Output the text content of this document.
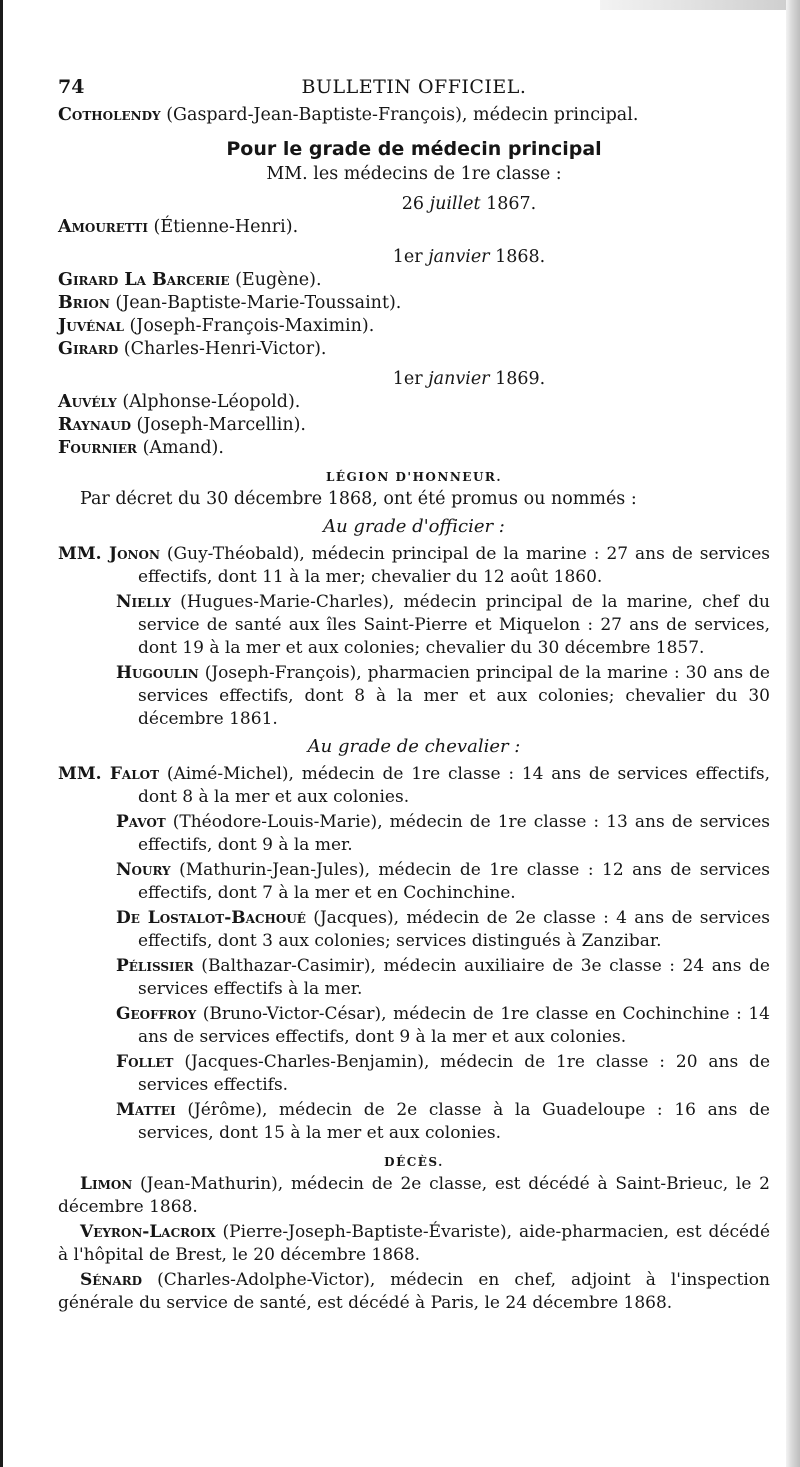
74	BULLETIN OFFICIEL.
Cotholendy (Gaspard-Jean-Baptiste-François), médecin principal.
Pour le grade de médecin principal
MM. les médecins de 1re classe :
26 juillet 1867.
Amouretti (Étienne-Henri).
1er janvier 1868.
Girard La Barcerie (Eugène).
Brion (Jean-Baptiste-Marie-Toussaint).
Juvénal (Joseph-François-Maximin).
Girard (Charles-Henri-Victor).
1er janvier 1869.
Auvély (Alphonse-Léopold).
Raynaud (Joseph-Marcellin).
Fournier (Amand).
LÉGION D'HONNEUR.
Par décret du 30 décembre 1868, ont été promus ou nommés :
Au grade d'officier :
MM. Jonon (Guy-Théobald), médecin principal de la marine : 27 ans de services effectifs, dont 11 à la mer; chevalier du 12 août 1860.
Nielly (Hugues-Marie-Charles), médecin principal de la marine, chef du service de santé aux îles Saint-Pierre et Miquelon : 27 ans de services, dont 19 à la mer et aux colonies; chevalier du 30 décembre 1857.
Hugoulin (Joseph-François), pharmacien principal de la marine : 30 ans de services effectifs, dont 8 à la mer et aux colonies; chevalier du 30 décembre 1861.
Au grade de chevalier :
MM. Falot (Aimé-Michel), médecin de 1re classe : 14 ans de services effectifs, dont 8 à la mer et aux colonies.
Pavot (Théodore-Louis-Marie), médecin de 1re classe : 13 ans de services effectifs, dont 9 à la mer.
Noury (Mathurin-Jean-Jules), médecin de 1re classe : 12 ans de services effectifs, dont 7 à la mer et en Cochinchine.
De Lostalot-Bachoué (Jacques), médecin de 2e classe : 4 ans de services effectifs, dont 3 aux colonies; services distingués à Zanzibar.
Pélissier (Balthazar-Casimir), médecin auxiliaire de 3e classe : 24 ans de services effectifs à la mer.
Geoffroy (Bruno-Victor-César), médecin de 1re classe en Cochinchine : 14 ans de services effectifs, dont 9 à la mer et aux colonies.
Follet (Jacques-Charles-Benjamin), médecin de 1re classe : 20 ans de services effectifs.
Mattei (Jérôme), médecin de 2e classe à la Guadeloupe : 16 ans de services, dont 15 à la mer et aux colonies.
DÉCÈS.
Limon (Jean-Mathurin), médecin de 2e classe, est décédé à Saint-Brieuc, le 2 décembre 1868.
Veyron-Lacroix (Pierre-Joseph-Baptiste-Évariste), aide-pharmacien, est décédé à l'hôpital de Brest, le 20 décembre 1868.
Sénard (Charles-Adolphe-Victor), médecin en chef, adjoint à l'inspection générale du service de santé, est décédé à Paris, le 24 décembre 1868.
